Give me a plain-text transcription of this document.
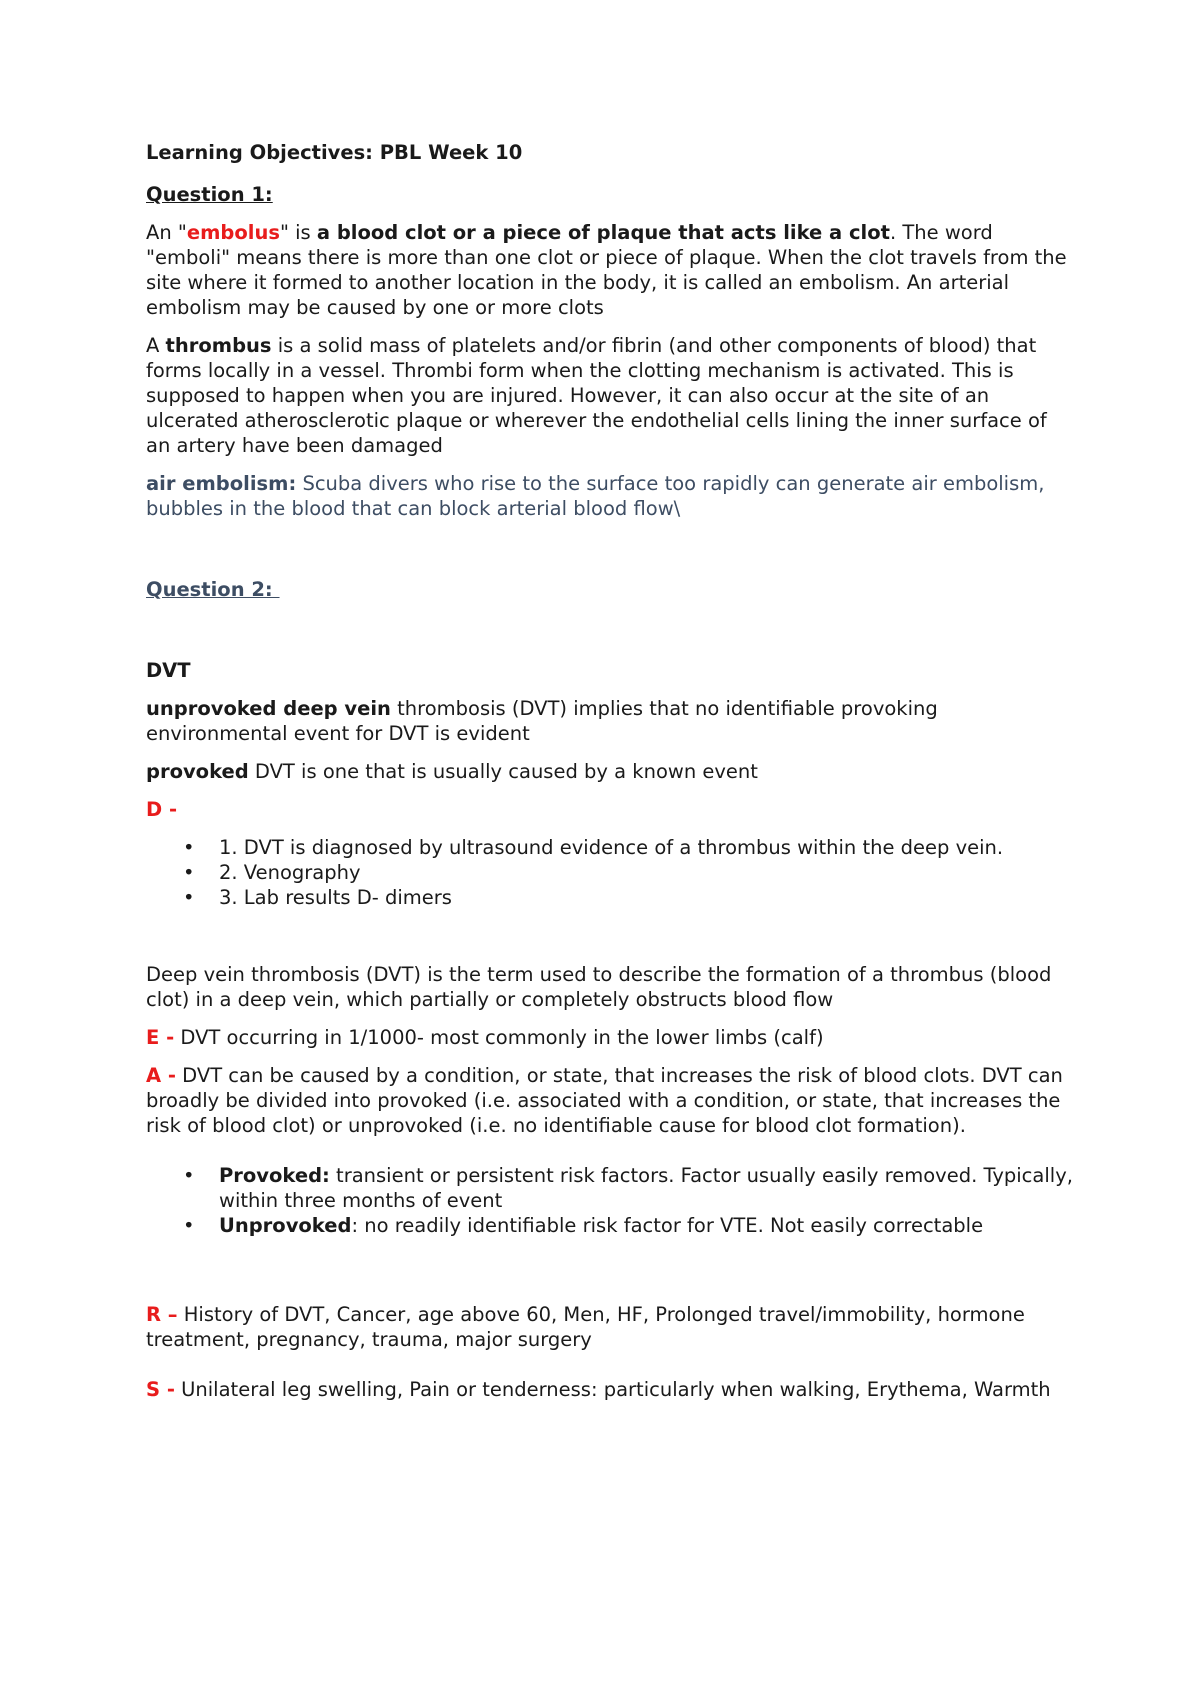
Learning Objectives: PBL Week 10

Question 1:

An "embolus" is a blood clot or a piece of plaque that acts like a clot. The word "emboli" means there is more than one clot or piece of plaque. When the clot travels from the site where it formed to another location in the body, it is called an embolism. An arterial embolism may be caused by one or more clots

A thrombus is a solid mass of platelets and/or fibrin (and other components of blood) that forms locally in a vessel. Thrombi form when the clotting mechanism is activated. This is supposed to happen when you are injured. However, it can also occur at the site of an ulcerated atherosclerotic plaque or wherever the endothelial cells lining the inner surface of an artery have been damaged

air embolism: Scuba divers who rise to the surface too rapidly can generate air embolism, bubbles in the blood that can block arterial blood flow\

Question 2:

DVT

unprovoked deep vein thrombosis (DVT) implies that no identifiable provoking environmental event for DVT is evident

provoked DVT is one that is usually caused by a known event

D -

• 1. DVT is diagnosed by ultrasound evidence of a thrombus within the deep vein.
• 2. Venography
• 3. Lab results D- dimers

Deep vein thrombosis (DVT) is the term used to describe the formation of a thrombus (blood clot) in a deep vein, which partially or completely obstructs blood flow

E - DVT occurring in 1/1000- most commonly in the lower limbs (calf)

A - DVT can be caused by a condition, or state, that increases the risk of blood clots. DVT can broadly be divided into provoked (i.e. associated with a condition, or state, that increases the risk of blood clot) or unprovoked (i.e. no identifiable cause for blood clot formation).

• Provoked: transient or persistent risk factors. Factor usually easily removed. Typically, within three months of event
• Unprovoked: no readily identifiable risk factor for VTE. Not easily correctable

R – History of DVT, Cancer, age above 60, Men, HF, Prolonged travel/immobility, hormone treatment, pregnancy, trauma, major surgery

S - Unilateral leg swelling, Pain or tenderness: particularly when walking, Erythema, Warmth
